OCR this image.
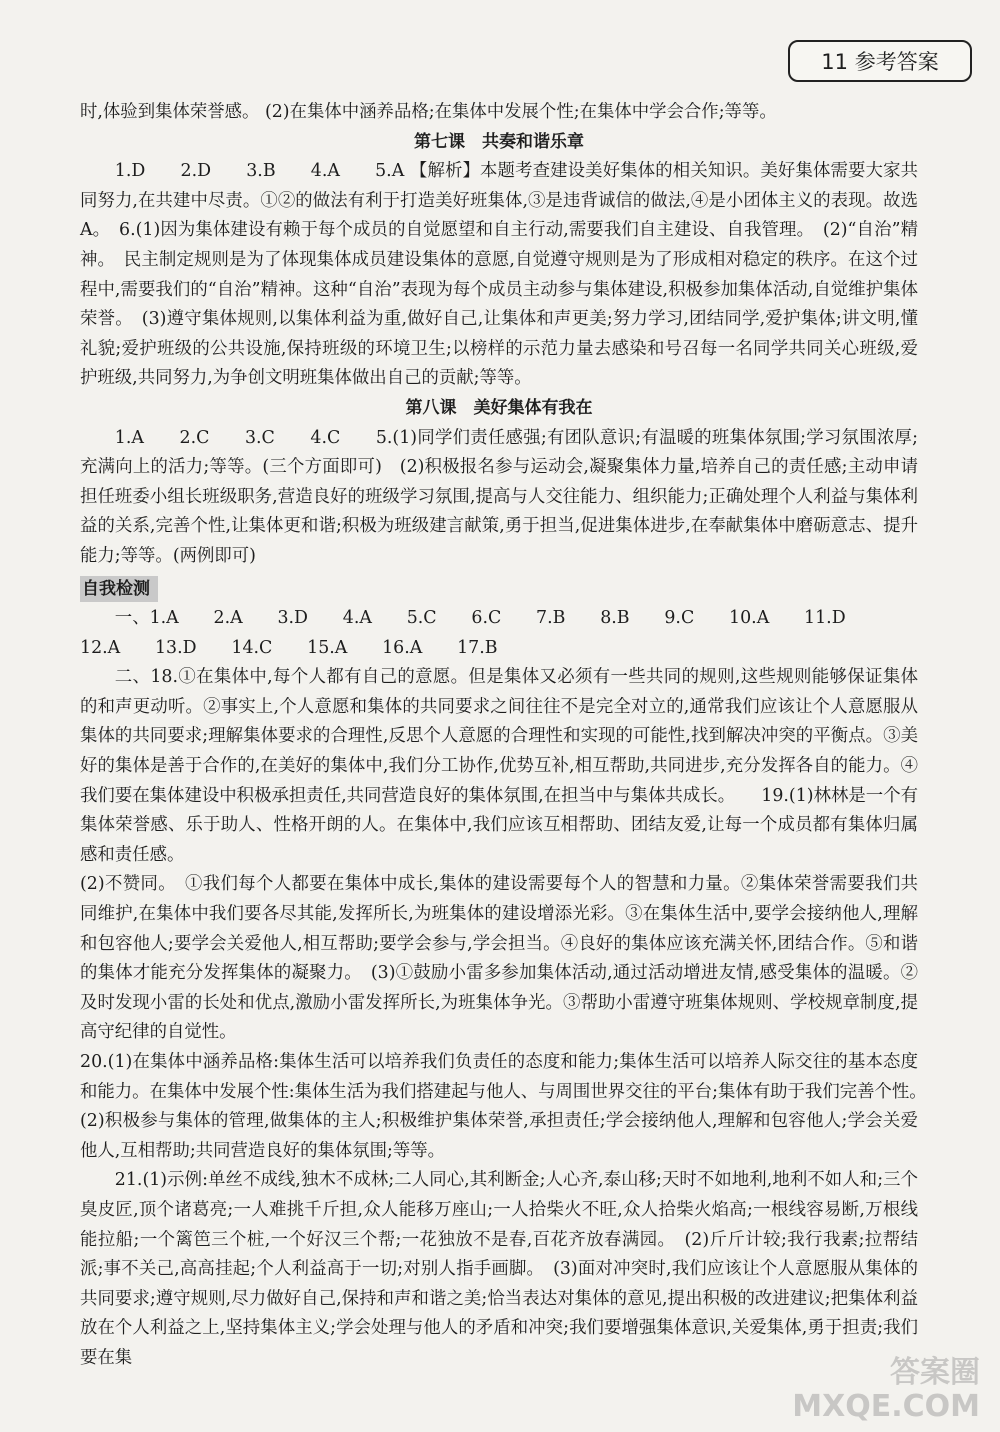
11 参考答案

时,体验到集体荣誉感。 (2)在集体中涵养品格;在集体中发展个性;在集体中学会合作;等等。

第七课　共奏和谐乐章

1.D　　2.D　　3.B　　4.A　　5.A 【解析】本题考查建设美好集体的相关知识。美好集体需要大家共同努力,在共建中尽责。①②的做法有利于打造美好班集体,③是违背诚信的做法,④是小团体主义的表现。故选 A。　6.(1)因为集体建设有赖于每个成员的自觉愿望和自主行动,需要我们自主建设、自我管理。　(2)“自治”精神。　民主制定规则是为了体现集体成员建设集体的意愿,自觉遵守规则是为了形成相对稳定的秩序。在这个过程中,需要我们的“自治”精神。这种“自治”表现为每个成员主动参与集体建设,积极参加集体活动,自觉维护集体荣誉。　(3)遵守集体规则,以集体利益为重,做好自己,让集体和声更美;努力学习,团结同学,爱护集体;讲文明,懂礼貌;爱护班级的公共设施,保持班级的环境卫生;以榜样的示范力量去感染和号召每一名同学共同关心班级,爱护班级,共同努力,为争创文明班集体做出自己的贡献;等等。

第八课　美好集体有我在

1.A　　2.C　　3.C　　4.C　　5.(1)同学们责任感强;有团队意识;有温暖的班集体氛围;学习氛围浓厚;充满向上的活力;等等。(三个方面即可)　(2)积极报名参与运动会,凝聚集体力量,培养自己的责任感;主动申请担任班委小组长班级职务,营造良好的班级学习氛围,提高与人交往能力、组织能力;正确处理个人利益与集体利益的关系,完善个性,让集体更和谐;积极为班级建言献策,勇于担当,促进集体进步,在奉献集体中磨砺意志、提升能力;等等。(两例即可)

自我检测

一、1.A　　2.A　　3.D　　4.A　　5.C　　6.C　　7.B　　8.B　　9.C　　10.A　　11.D

12.A　　13.D　　14.C　　15.A　　16.A　　17.B

二、18.①在集体中,每个人都有自己的意愿。但是集体又必须有一些共同的规则,这些规则能够保证集体的和声更动听。②事实上,个人意愿和集体的共同要求之间往往不是完全对立的,通常我们应该让个人意愿服从集体的共同要求;理解集体要求的合理性,反思个人意愿的合理性和实现的可能性,找到解决冲突的平衡点。③美好的集体是善于合作的,在美好的集体中,我们分工协作,优势互补,相互帮助,共同进步,充分发挥各自的能力。④我们要在集体建设中积极承担责任,共同营造良好的集体氛围,在担当中与集体共成长。　　19.(1)林林是一个有集体荣誉感、乐于助人、性格开朗的人。在集体中,我们应该互相帮助、团结友爱,让每一个成员都有集体归属感和责任感。

(2)不赞同。　①我们每个人都要在集体中成长,集体的建设需要每个人的智慧和力量。②集体荣誉需要我们共同维护,在集体中我们要各尽其能,发挥所长,为班集体的建设增添光彩。③在集体生活中,要学会接纳他人,理解和包容他人;要学会关爱他人,相互帮助;要学会参与,学会担当。④良好的集体应该充满关怀,团结合作。⑤和谐的集体才能充分发挥集体的凝聚力。　(3)①鼓励小雷多参加集体活动,通过活动增进友情,感受集体的温暖。②及时发现小雷的长处和优点,激励小雷发挥所长,为班集体争光。③帮助小雷遵守班集体规则、学校规章制度,提高守纪律的自觉性。

20.(1)在集体中涵养品格:集体生活可以培养我们负责任的态度和能力;集体生活可以培养人际交往的基本态度和能力。在集体中发展个性:集体生活为我们搭建起与他人、与周围世界交往的平台;集体有助于我们完善个性。　(2)积极参与集体的管理,做集体的主人;积极维护集体荣誉,承担责任;学会接纳他人,理解和包容他人;学会关爱他人,互相帮助;共同营造良好的集体氛围;等等。

21.(1)示例:单丝不成线,独木不成林;二人同心,其利断金;人心齐,泰山移;天时不如地利,地利不如人和;三个臭皮匠,顶个诸葛亮;一人难挑千斤担,众人能移万座山;一人拾柴火不旺,众人拾柴火焰高;一根线容易断,万根线能拉船;一个篱笆三个桩,一个好汉三个帮;一花独放不是春,百花齐放春满园。　(2)斤斤计较;我行我素;拉帮结派;事不关己,高高挂起;个人利益高于一切;对别人指手画脚。　(3)面对冲突时,我们应该让个人意愿服从集体的共同要求;遵守规则,尽力做好自己,保持和声和谐之美;恰当表达对集体的意见,提出积极的改进建议;把集体利益放在个人利益之上,坚持集体主义;学会处理与他人的矛盾和冲突;我们要增强集体意识,关爱集体,勇于担责;我们要在集	答案圈
MXQE.COM
